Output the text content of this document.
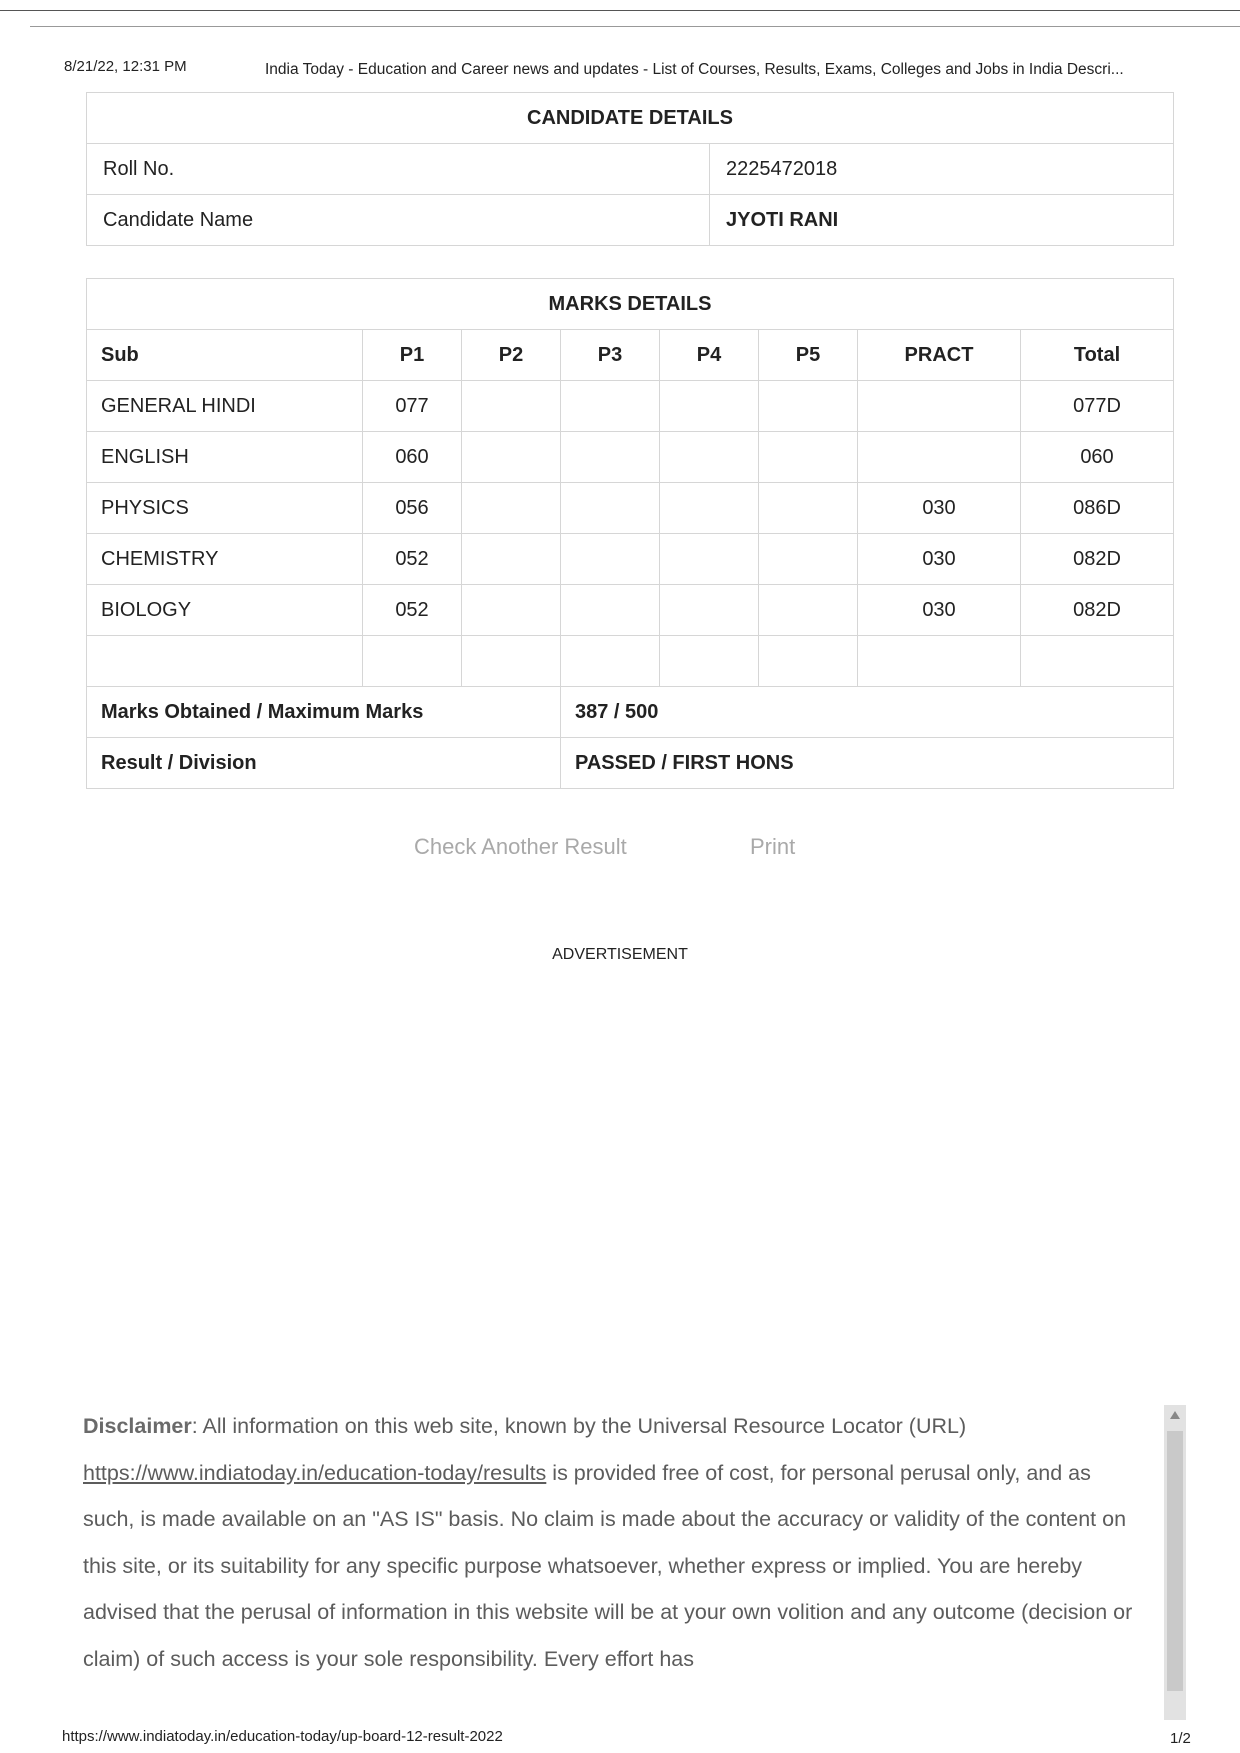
8/21/22, 12:31 PM	India Today - Education and Career news and updates - List of Courses, Results, Exams, Colleges and Jobs in India Descri...
CANDIDATE DETAILS	
Roll No.	2225472018
Candidate Name	JYOTI RANI
MARKS DETAILS							
Sub	P1	P2	P3	P4	P5	PRACT	Total
GENERAL HINDI	077						077D
ENGLISH	060						060
PHYSICS	056					030	086D
CHEMISTRY	052					030	082D
BIOLOGY	052					030	082D

Marks Obtained / Maximum Marks			387 / 500				
Result / Division			PASSED / FIRST HONS				
Check Another Result	Print
ADVERTISEMENT
Disclaimer: All information on this web site, known by the Universal Resource Locator (URL) https://www.indiatoday.in/education-today/results is provided free of cost, for personal perusal only, and as such, is made available on an "AS IS" basis. No claim is made about the accuracy or validity of the content on this site, or its suitability for any specific purpose whatsoever, whether express or implied. You are hereby advised that the perusal of information in this website will be at your own volition and any outcome (decision or claim) of such access is your sole responsibility. Every effort has
https://www.indiatoday.in/education-today/up-board-12-result-2022	1/2
